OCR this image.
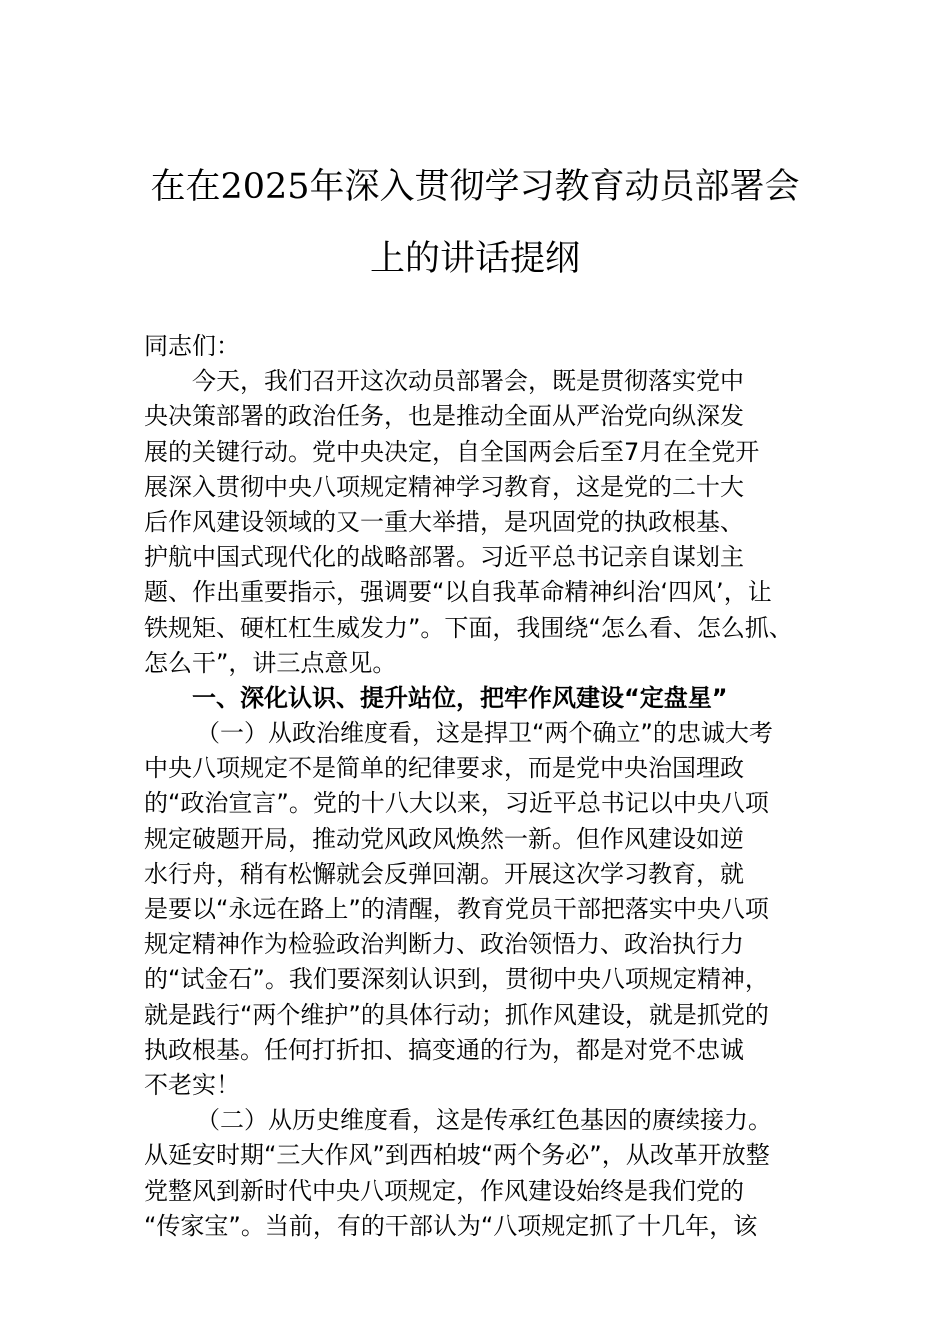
在在2025年深入贯彻学习教育动员部署会
上的讲话提纲
同志们：
今天，我们召开这次动员部署会，既是贯彻落实党中
央决策部署的政治任务，也是推动全面从严治党向纵深发
展的关键行动。党中央决定，自全国两会后至7月在全党开
展深入贯彻中央八项规定精神学习教育，这是党的二十大
后作风建设领域的又一重大举措，是巩固党的执政根基、
护航中国式现代化的战略部署。习近平总书记亲自谋划主
题、作出重要指示，强调要“以自我革命精神纠治‘四风’，让
铁规矩、硬杠杠生威发力”。下面，我围绕“怎么看、怎么抓、
怎么干”，讲三点意见。
一、深化认识、提升站位，把牢作风建设“定盘星”
（一）从政治维度看，这是捍卫“两个确立”的忠诚大考
中央八项规定不是简单的纪律要求，而是党中央治国理政
的“政治宣言”。党的十八大以来，习近平总书记以中央八项
规定破题开局，推动党风政风焕然一新。但作风建设如逆
水行舟，稍有松懈就会反弹回潮。开展这次学习教育，就
是要以“永远在路上”的清醒，教育党员干部把落实中央八项
规定精神作为检验政治判断力、政治领悟力、政治执行力
的“试金石”。我们要深刻认识到，贯彻中央八项规定精神，
就是践行“两个维护”的具体行动；抓作风建设，就是抓党的
执政根基。任何打折扣、搞变通的行为，都是对党不忠诚
不老实！
（二）从历史维度看，这是传承红色基因的赓续接力。
从延安时期“三大作风”到西柏坡“两个务必”，从改革开放整
党整风到新时代中央八项规定，作风建设始终是我们党的
“传家宝”。当前，有的干部认为“八项规定抓了十几年，该
